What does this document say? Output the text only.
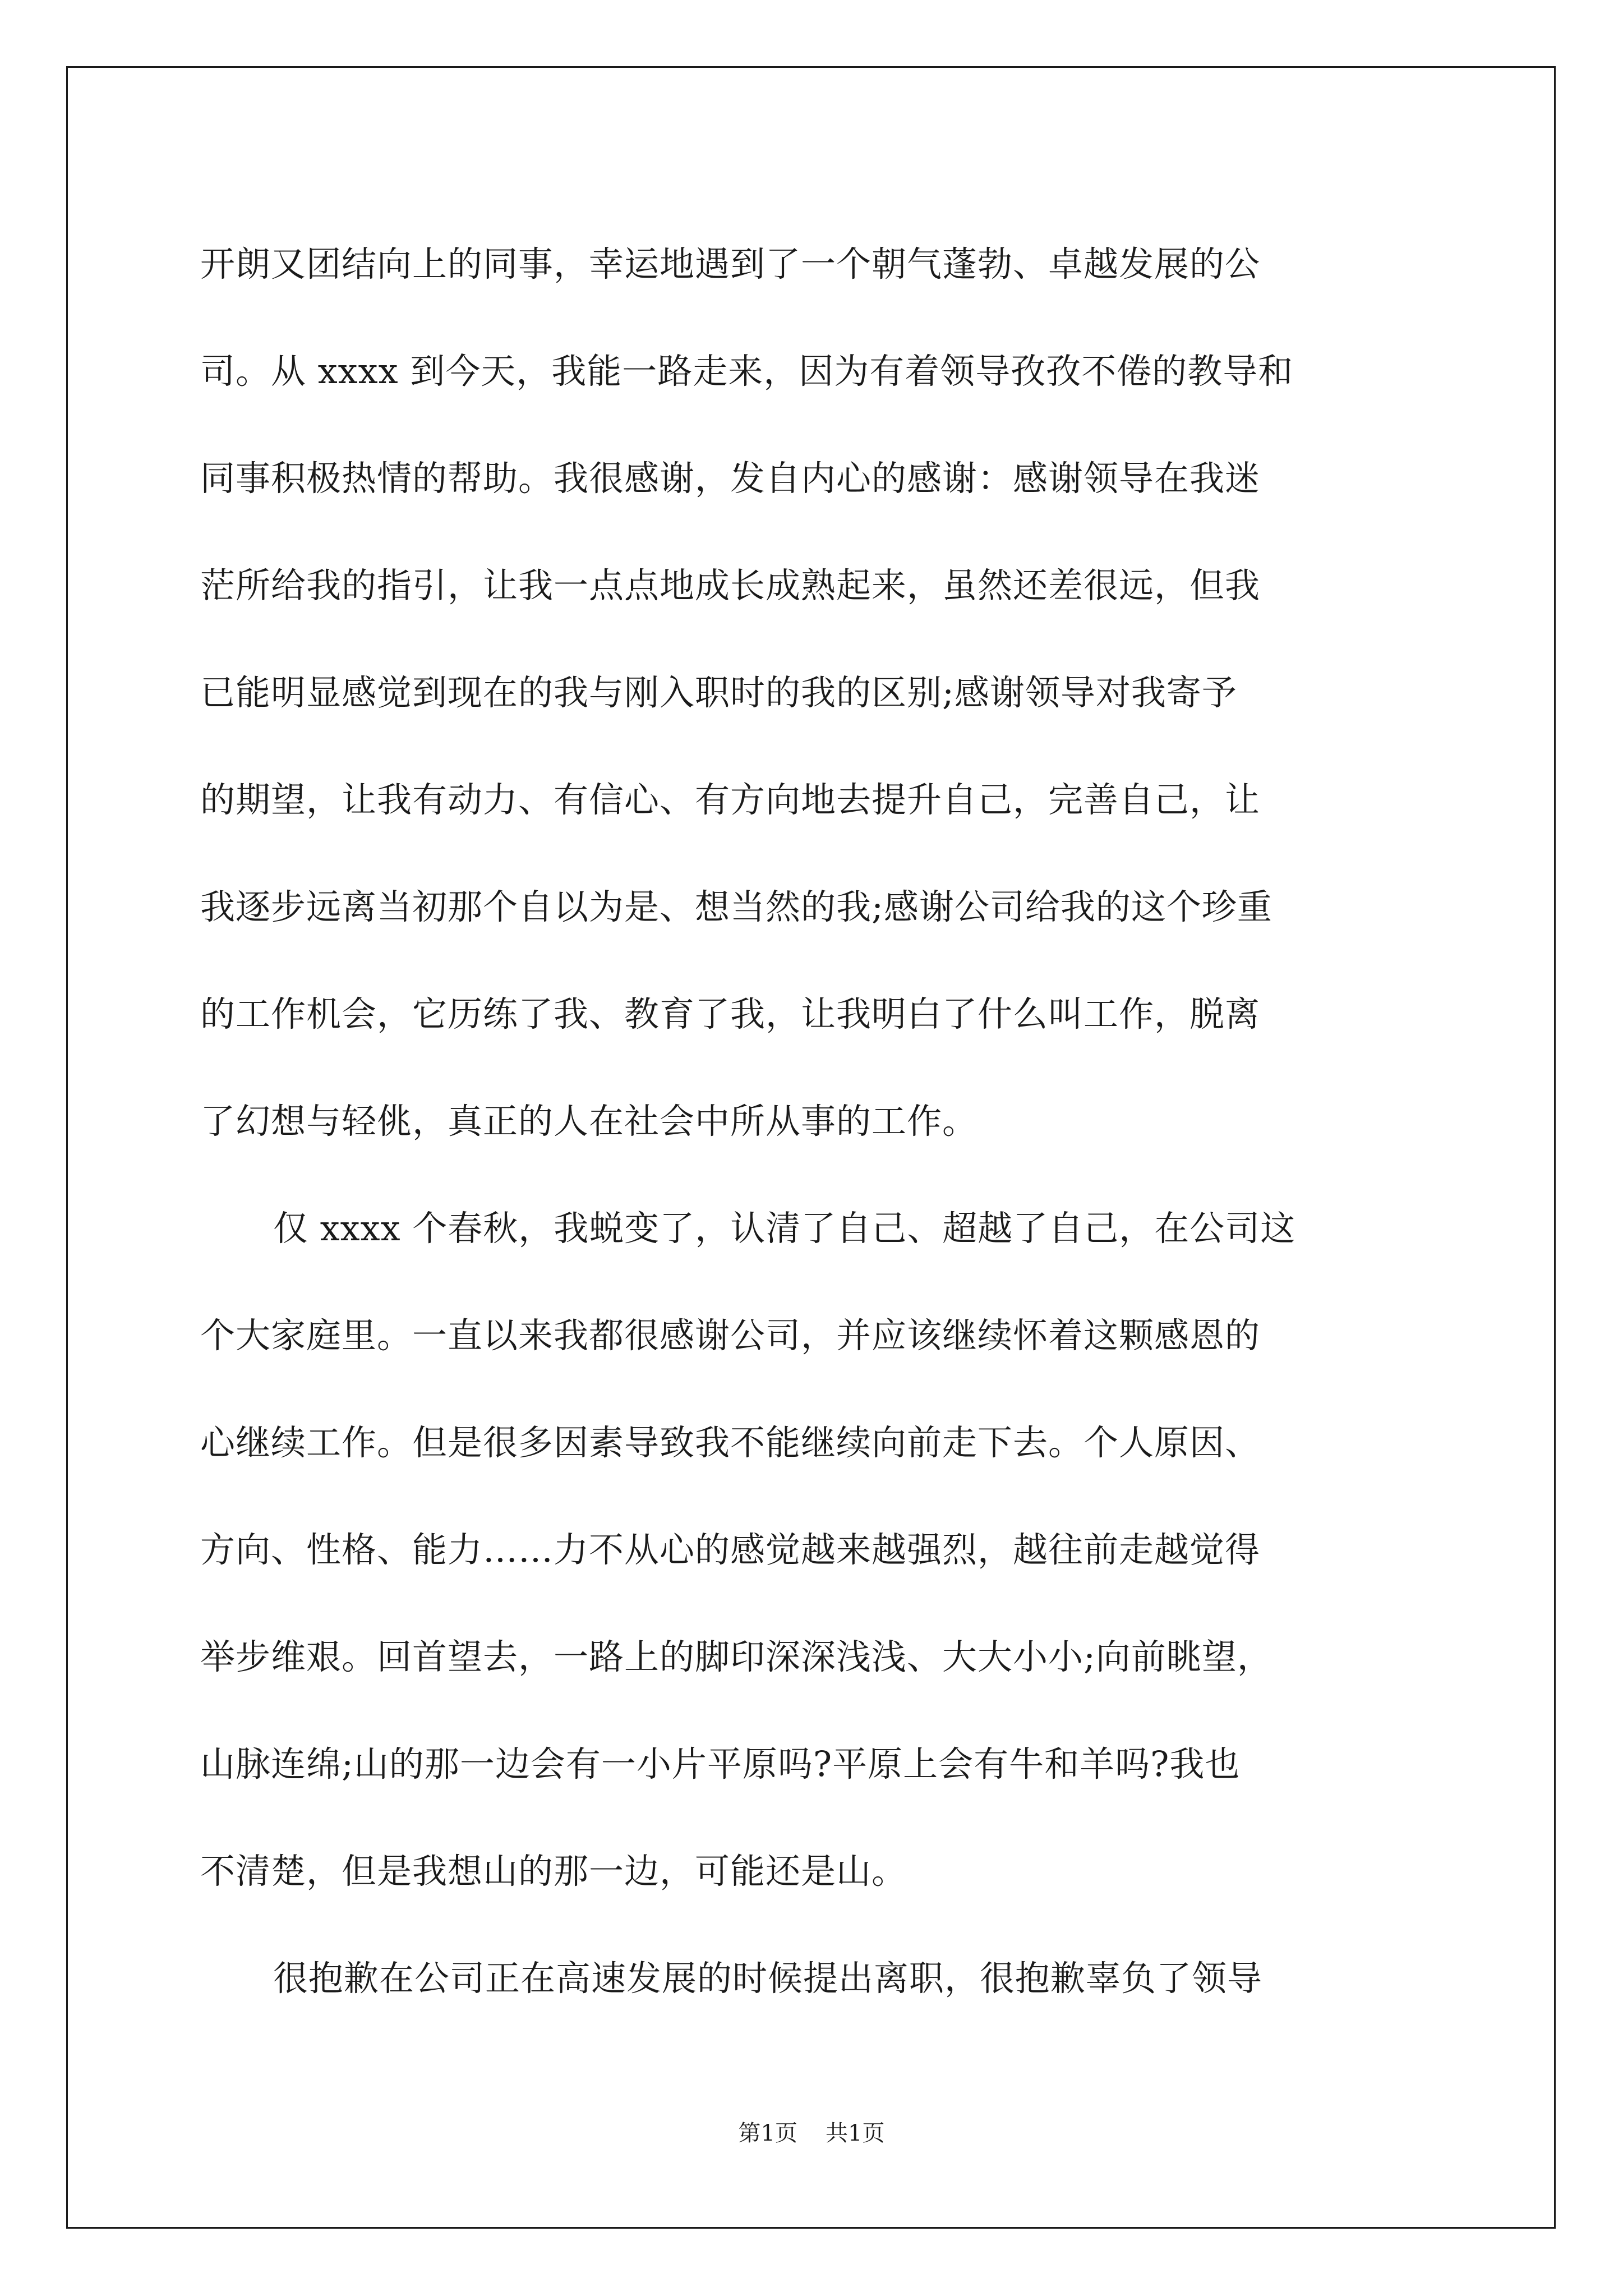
开朗又团结向上的同事，幸运地遇到了一个朝气蓬勃、卓越发展的公
司。从 xxxx 到今天，我能一路走来，因为有着领导孜孜不倦的教导和
同事积极热情的帮助。我很感谢，发自内心的感谢：感谢领导在我迷
茫所给我的指引，让我一点点地成长成熟起来，虽然还差很远，但我
已能明显感觉到现在的我与刚入职时的我的区别;感谢领导对我寄予
的期望，让我有动力、有信心、有方向地去提升自己，完善自己，让
我逐步远离当初那个自以为是、想当然的我;感谢公司给我的这个珍重
的工作机会，它历练了我、教育了我，让我明白了什么叫工作，脱离
了幻想与轻佻，真正的人在社会中所从事的工作。
仅 xxxx 个春秋，我蜕变了，认清了自己、超越了自己，在公司这
个大家庭里。一直以来我都很感谢公司，并应该继续怀着这颗感恩的
心继续工作。但是很多因素导致我不能继续向前走下去。个人原因、
方向、性格、能力……力不从心的感觉越来越强烈，越往前走越觉得
举步维艰。回首望去，一路上的脚印深深浅浅、大大小小;向前眺望，
山脉连绵;山的那一边会有一小片平原吗?平原上会有牛和羊吗?我也
不清楚，但是我想山的那一边，可能还是山。
很抱歉在公司正在高速发展的时候提出离职，很抱歉辜负了领导
第1页 共1页
